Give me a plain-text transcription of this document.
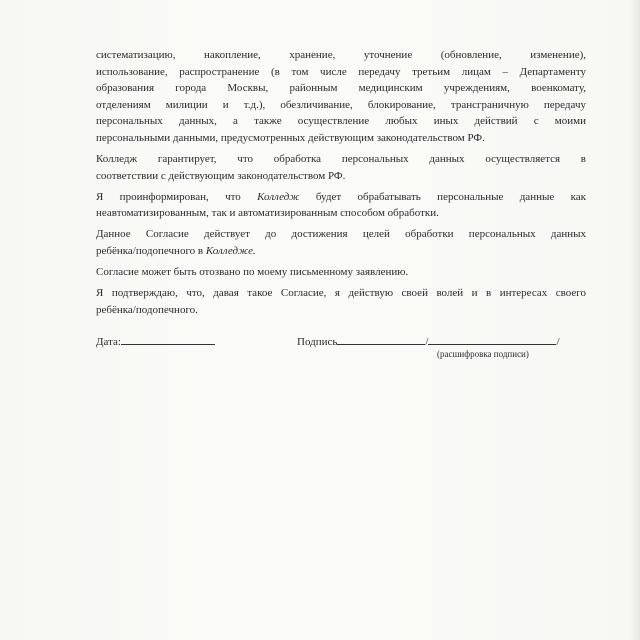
систематизацию, накопление, хранение, уточнение (обновление, изменение),
использование, распространение (в том числе передачу третьим лицам – Департаменту
образования города Москвы, районным медицинским учреждениям, военкомату,
отделениям милиции и т.д.), обезличивание, блокирование, трансграничную передачу
персональных данных, а также осуществление любых иных действий с моими
персональными данными, предусмотренных действующим законодательством РФ.

Колледж гарантирует, что обработка персональных данных осуществляется в
соответствии с действующим законодательством РФ.

Я проинформирован, что Колледж будет обрабатывать персональные данные как
неавтоматизированным, так и автоматизированным способом обработки.

Данное Согласие действует до достижения целей обработки персональных данных
ребёнка/подопечного в Колледже.

Согласие может быть отозвано по моему письменному заявлению.

Я подтверждаю, что, давая такое Согласие, я действую своей волей и в интересах своего
ребёнка/подопечного.

Дата:	Подпись	/	/
(расшифровка подписи)
